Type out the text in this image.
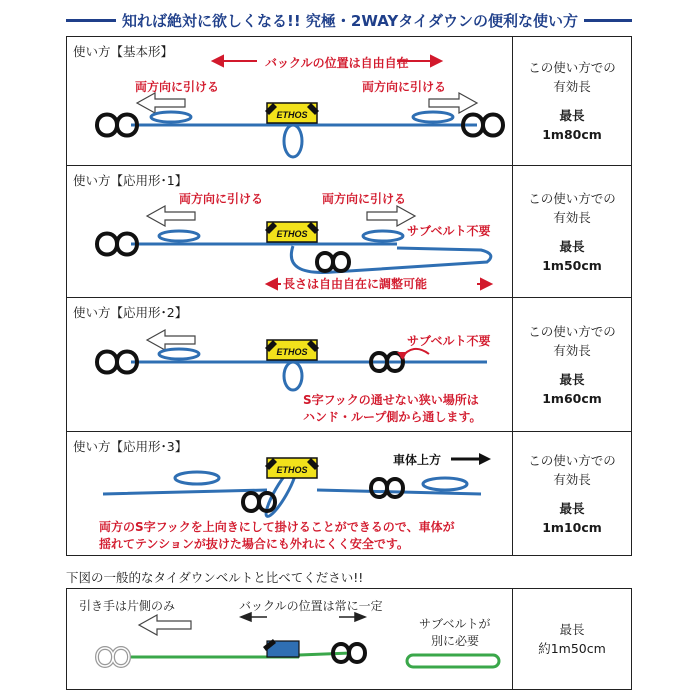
知れば絶対に欲しくなる!! 究極・2WAYタイダウンの便利な使い方
使い方【基本形】
バックルの位置は自由自在
両方向に引ける	両方向に引ける
ETHOS
この使い方での
有効長
最長
1m80cm
使い方【応用形･1】
両方向に引ける	両方向に引ける
サブベルト不要
長さは自由自在に調整可能
ETHOS
この使い方での
有効長
最長
1m50cm
使い方【応用形･2】
サブベルト不要
S字フックの通せない狭い場所は
ハンド・ループ側から通します。
ETHOS
この使い方での
有効長
最長
1m60cm
使い方【応用形･3】
車体上方
両方のS字フックを上向きにして掛けることができるので、車体が
揺れてテンションが抜けた場合にも外れにくく安全です。
ETHOS
この使い方での
有効長
最長
1m10cm
下図の一般的なタイダウンベルトと比べてください!!
引き手は片側のみ	バックルの位置は常に一定
サブベルトが
別に必要
最長
約1m50cm
